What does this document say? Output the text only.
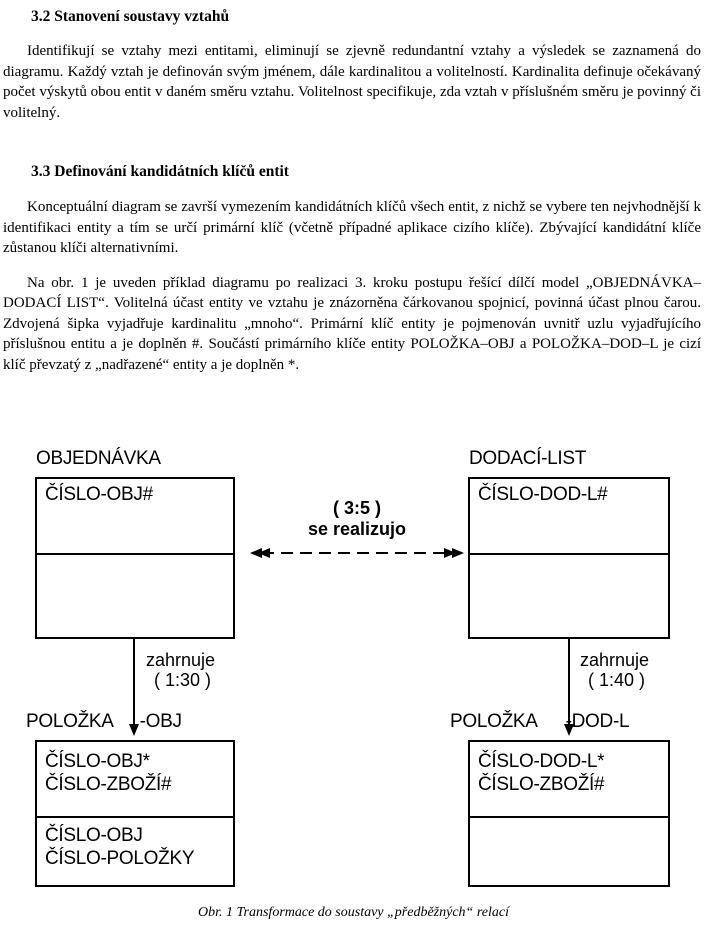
3.2 Stanovení soustavy vztahů

Identifikují se vztahy mezi entitami, eliminují se zjevně redundantní vztahy a výsledek se zaznamená do diagramu. Každý vztah je definován svým jménem, dále kardinalitou a volitelností. Kardinalita definuje očekávaný počet výskytů obou entit v daném směru vztahu. Volitelnost specifikuje, zda vztah v příslušném směru je povinný či volitelný.

3.3 Definování kandidátních klíčů entit

Konceptuální diagram se završí vymezením kandidátních klíčů všech entit, z nichž se vybere ten nejvhodnější k identifikaci entity a tím se určí primární klíč (včetně případné aplikace cizího klíče). Zbývající kandidátní klíče zůstanou klíči alternativními.

Na obr. 1 je uveden příklad diagramu po realizaci 3. kroku postupu řešící dílčí model „OBJEDNÁVKA–DODACÍ LIST“. Volitelná účast entity ve vztahu je znázorněna čárkovanou spojnicí, povinná účast plnou čarou. Zdvojená šipka vyjadřuje kardinalitu „mnoho“. Primární klíč entity je pojmenován uvnitř uzlu vyjadřujícího příslušnou entitu a je doplněn #. Součástí primárního klíče entity POLOŽKA–OBJ a POLOŽKA–DOD–L je cizí klíč převzatý z „nadřazené“ entity a je doplněn *.

OBJEDNÁVKA
ČÍSLO-OBJ#
( 3:5 )
se realizujo
DODACÍ-LIST
ČÍSLO-DOD-L#
zahrnuje
( 1:30 )
zahrnuje
( 1:40 )
POLOŽKA -OBJ
ČÍSLO-OBJ*
ČÍSLO-ZBOŽÍ#
ČÍSLO-OBJ
ČÍSLO-POLOŽKY
POLOŽKA -DOD-L
ČÍSLO-DOD-L*
ČÍSLO-ZBOŽÍ#
Obr. 1 Transformace do soustavy „předběžných“ relací
